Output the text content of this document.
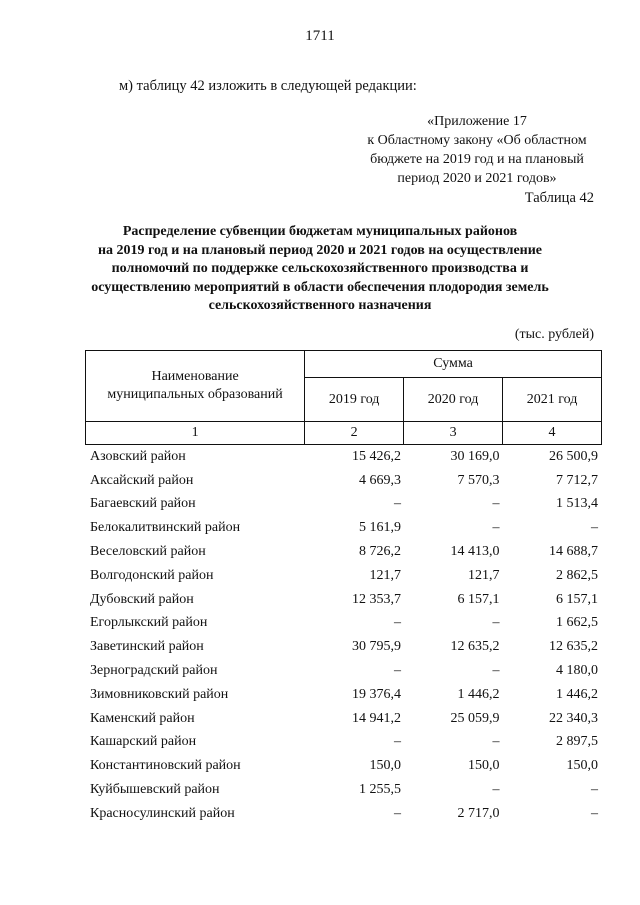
1711
м) таблицу 42 изложить в следующей редакции:
«Приложение 17
к Областному закону «Об областном
бюджете на 2019 год и на плановый
период 2020 и 2021 годов»
Таблица 42
Распределение субвенции бюджетам муниципальных районов
на 2019 год и на плановый период 2020 и 2021 годов на осуществление
полномочий по поддержке сельскохозяйственного производства и
осуществлению мероприятий в области обеспечения плодородия земель
сельскохозяйственного назначения
(тыс. рублей)
Наименование
муниципальных образований	Сумма		
	2019 год	2020 год	2021 год
1	2	3	4
Азовский район	15 426,2	30 169,0	26 500,9
Аксайский район	4 669,3	7 570,3	7 712,7
Багаевский район	–	–	1 513,4
Белокалитвинский район	5 161,9	–	–
Веселовский район	8 726,2	14 413,0	14 688,7
Волгодонский район	121,7	121,7	2 862,5
Дубовский район	12 353,7	6 157,1	6 157,1
Егорлыкский район	–	–	1 662,5
Заветинский район	30 795,9	12 635,2	12 635,2
Зерноградский район	–	–	4 180,0
Зимовниковский район	19 376,4	1 446,2	1 446,2
Каменский район	14 941,2	25 059,9	22 340,3
Кашарский район	–	–	2 897,5
Константиновский район	150,0	150,0	150,0
Куйбышевский район	1 255,5	–	–
Красносулинский район	–	2 717,0	–
